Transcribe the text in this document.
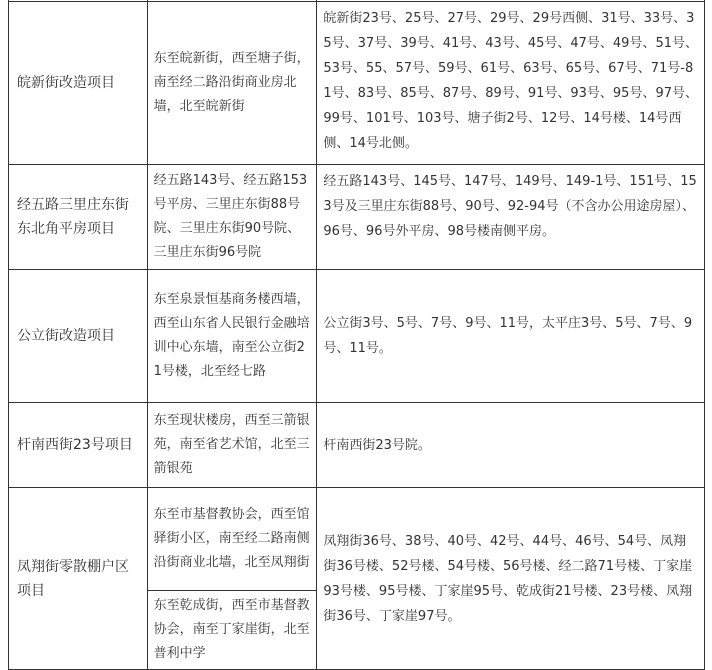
皖新街改造项目	东至皖新街，西至塘子街，南至经二路沿街商业房北墙，北至皖新街	皖新街23号、25号、27号、29号、29号西侧、31号、33号、35号、37号、39号、41号、43号、45号、47号、49号、51号、53号、55、57号、59号、61号、63号、65号、67号、71号-81号、83号、85号、87号、89号、91号、93号、95号、97号、99号、101号、103号、塘子街2号、12号、14号楼、14号西侧、14号北侧。

经五路三里庄东街东北角平房项目	经五路143号、经五路153号平房、三里庄东街88号院、三里庄东街90号院、三里庄东街96号院	经五路143号、145号、147号、149号、149-1号、151号、153号及三里庄东街88号、90号、92-94号（不含办公用途房屋）、96号、96号外平房、98号楼南侧平房。

公立街改造项目	东至泉景恒基商务楼西墙，西至山东省人民银行金融培训中心东墙，南至公立街21号楼，北至经七路	公立街3号、5号、7号、9号、11号，太平庄3号、5号、7号、9号、11号。

杆南西街23号项目	东至现状楼房，西至三箭银苑，南至省艺术馆，北至三箭银苑	杆南西街23号院。

凤翔街零散棚户区项目	东至市基督教协会，西至馆驿街小区，南至经二路南侧沿街商业北墙，北至凤翔街	凤翔街36号、38号、40号、42号、44号、46号、54号、凤翔街36号楼、52号楼、54号楼、56号楼、经二路71号楼、丁家崖93号楼、95号楼、丁家崖95号、乾成街21号楼、23号楼、凤翔街36号、丁家崖97号。

	东至乾成街，西至市基督教协会，南至丁家崖街，北至普利中学	
